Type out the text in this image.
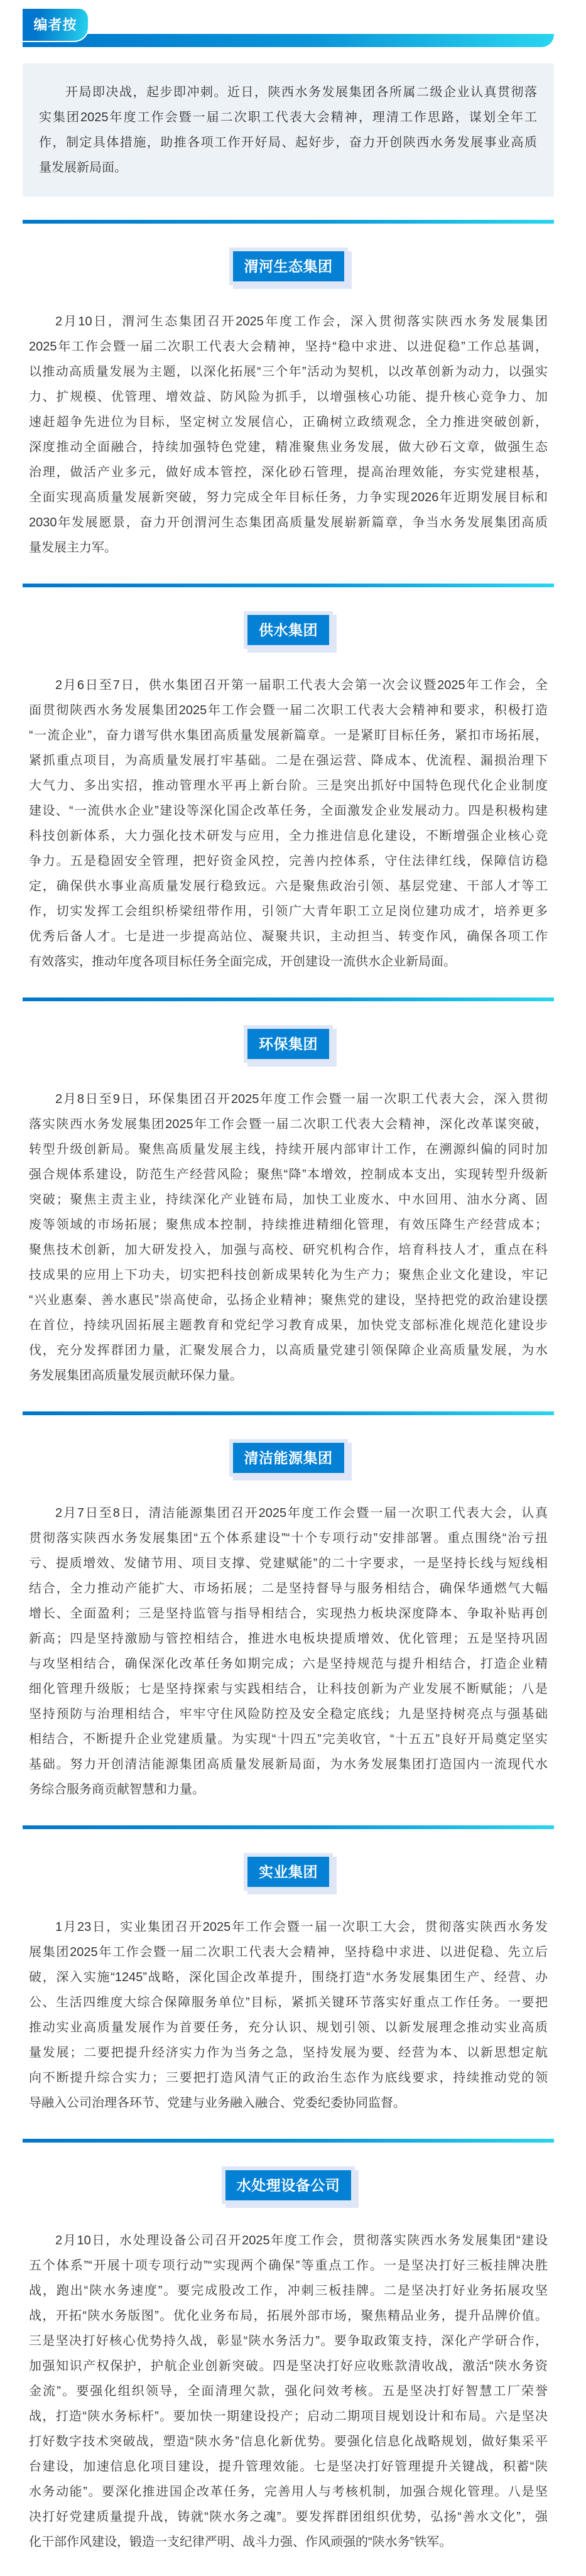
编者按
开局即决战，起步即冲刺。近日，陕西水务发展集团各所属二级企业认真贯彻落
实集团2025年度工作会暨一届二次职工代表大会精神，理清工作思路，谋划全年工
作，制定具体措施，助推各项工作开好局、起好步，奋力开创陕西水务发展事业高质
量发展新局面。
渭河生态集团
2月10日，渭河生态集团召开2025年度工作会，深入贯彻落实陕西水务发展集团
2025年工作会暨一届二次职工代表大会精神，坚持“稳中求进、以进促稳”工作总基调，
以推动高质量发展为主题，以深化拓展“三个年”活动为契机，以改革创新为动力，以强实
力、扩规模、优管理、增效益、防风险为抓手，以增强核心功能、提升核心竞争力、加
速赶超争先进位为目标，坚定树立发展信心，正确树立政绩观念，全力推进突破创新，
深度推动全面融合，持续加强特色党建，精准聚焦业务发展，做大砂石文章，做强生态
治理，做活产业多元，做好成本管控，深化砂石管理，提高治理效能，夯实党建根基，
全面实现高质量发展新突破，努力完成全年目标任务，力争实现2026年近期发展目标和
2030年发展愿景，奋力开创渭河生态集团高质量发展崭新篇章，争当水务发展集团高质
量发展主力军。
供水集团
2月6日至7日，供水集团召开第一届职工代表大会第一次会议暨2025年工作会，全
面贯彻陕西水务发展集团2025年工作会暨一届二次职工代表大会精神和要求，积极打造
“一流企业”，奋力谱写供水集团高质量发展新篇章。一是紧盯目标任务，紧扣市场拓展，
紧抓重点项目，为高质量发展打牢基础。二是在强运营、降成本、优流程、漏损治理下
大气力、多出实招，推动管理水平再上新台阶。三是突出抓好中国特色现代化企业制度
建设、“一流供水企业”建设等深化国企改革任务，全面激发企业发展动力。四是积极构建
科技创新体系，大力强化技术研发与应用，全力推进信息化建设，不断增强企业核心竞
争力。五是稳固安全管理，把好资金风控，完善内控体系，守住法律红线，保障信访稳
定，确保供水事业高质量发展行稳致远。六是聚焦政治引领、基层党建、干部人才等工
作，切实发挥工会组织桥梁纽带作用，引领广大青年职工立足岗位建功成才，培养更多
优秀后备人才。七是进一步提高站位、凝聚共识，主动担当、转变作风，确保各项工作
有效落实，推动年度各项目标任务全面完成，开创建设一流供水企业新局面。
环保集团
2月8日至9日，环保集团召开2025年度工作会暨一届一次职工代表大会，深入贯彻
落实陕西水务发展集团2025年工作会暨一届二次职工代表大会精神，深化改革谋突破，
转型升级创新局。聚焦高质量发展主线，持续开展内部审计工作，在溯源纠偏的同时加
强合规体系建设，防范生产经营风险；聚焦“降”本增效，控制成本支出，实现转型升级新
突破；聚焦主责主业，持续深化产业链布局，加快工业废水、中水回用、油水分离、固
废等领域的市场拓展；聚焦成本控制，持续推进精细化管理，有效压降生产经营成本；
聚焦技术创新，加大研发投入，加强与高校、研究机构合作，培育科技人才，重点在科
技成果的应用上下功夫，切实把科技创新成果转化为生产力；聚焦企业文化建设，牢记
“兴业惠秦、善水惠民”崇高使命，弘扬企业精神；聚焦党的建设，坚持把党的政治建设摆
在首位，持续巩固拓展主题教育和党纪学习教育成果，加快党支部标准化规范化建设步
伐，充分发挥群团力量，汇聚发展合力，以高质量党建引领保障企业高质量发展，为水
务发展集团高质量发展贡献环保力量。
清洁能源集团
2月7日至8日，清洁能源集团召开2025年度工作会暨一届一次职工代表大会，认真
贯彻落实陕西水务发展集团“五个体系建设”“十个专项行动”安排部署。重点围绕“治亏扭
亏、提质增效、发储节用、项目支撑、党建赋能”的二十字要求，一是坚持长线与短线相
结合，全力推动产能扩大、市场拓展；二是坚持督导与服务相结合，确保华通燃气大幅
增长、全面盈利；三是坚持监管与指导相结合，实现热力板块深度降本、争取补贴再创
新高；四是坚持激励与管控相结合，推进水电板块提质增效、优化管理；五是坚持巩固
与攻坚相结合，确保深化改革任务如期完成；六是坚持规范与提升相结合，打造企业精
细化管理升级版；七是坚持探索与实践相结合，让科技创新为产业发展不断赋能；八是
坚持预防与治理相结合，牢牢守住风险防控及安全稳定底线；九是坚持树亮点与强基础
相结合，不断提升企业党建质量。为实现“十四五”完美收官，“十五五”良好开局奠定坚实
基础。努力开创清洁能源集团高质量发展新局面，为水务发展集团打造国内一流现代水
务综合服务商贡献智慧和力量。
实业集团
1月23日，实业集团召开2025年工作会暨一届一次职工大会，贯彻落实陕西水务发
展集团2025年工作会暨一届二次职工代表大会精神，坚持稳中求进、以进促稳、先立后
破，深入实施“1245”战略，深化国企改革提升，围绕打造“水务发展集团生产、经营、办
公、生活四维度大综合保障服务单位”目标，紧抓关键环节落实好重点工作任务。一要把
推动实业高质量发展作为首要任务，充分认识、规划引领、以新发展理念推动实业高质
量发展；二要把提升经济实力作为当务之急，坚持发展为要、经营为本、以新思想定航
向不断提升综合实力；三要把打造风清气正的政治生态作为底线要求，持续推动党的领
导融入公司治理各环节、党建与业务融入融合、党委纪委协同监督。
水处理设备公司
2月10日，水处理设备公司召开2025年度工作会，贯彻落实陕西水务发展集团“建设
五个体系”“开展十项专项行动”“实现两个确保”等重点工作。一是坚决打好三板挂牌决胜
战，跑出“陕水务速度”。要完成股改工作，冲刺三板挂牌。二是坚决打好业务拓展攻坚
战，开拓“陕水务版图”。优化业务布局，拓展外部市场，聚焦精品业务，提升品牌价值。
三是坚决打好核心优势持久战，彰显“陕水务活力”。要争取政策支持，深化产学研合作，
加强知识产权保护，护航企业创新突破。四是坚决打好应收账款清收战，激活“陕水务资
金流”。要强化组织领导，全面清理欠款，强化问效考核。五是坚决打好智慧工厂荣誉
战，打造“陕水务标杆”。要加快一期建设投产；启动二期项目规划设计和布局。六是坚决
打好数字技术突破战，塑造“陕水务”信息化新优势。要强化信息化战略规划，做好集采平
台建设，加速信息化项目建设，提升管理效能。七是坚决打好管理提升关键战，积蓄“陕
水务动能”。要深化推进国企改革任务，完善用人与考核机制，加强合规化管理。八是坚
决打好党建质量提升战，铸就“陕水务之魂”。要发挥群团组织优势，弘扬“善水文化”，强
化干部作风建设，锻造一支纪律严明、战斗力强、作风顽强的“陕水务”铁军。
